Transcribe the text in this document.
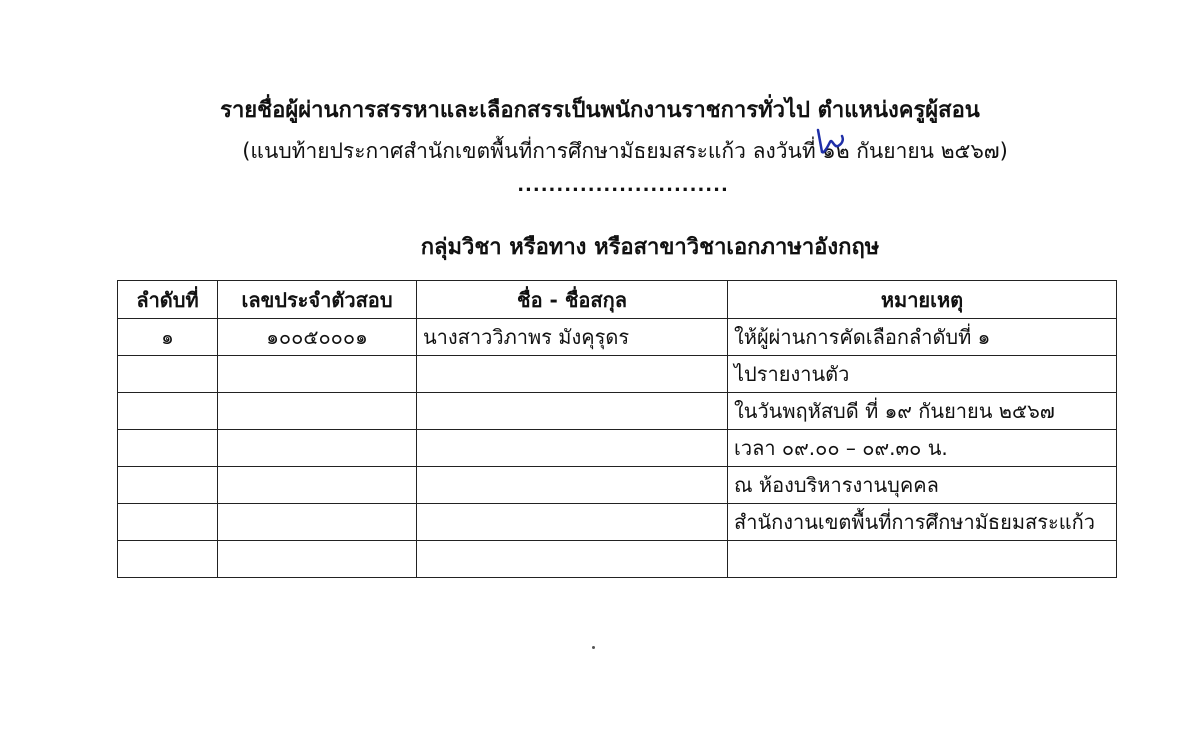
รายชื่อผู้ผ่านการสรรหาและเลือกสรรเป็นพนักงานราชการทั่วไป ตำแหน่งครูผู้สอน
(แนบท้ายประกาศสำนักเขตพื้นที่การศึกษามัธยมสระแก้ว ลงวันที่ ๑๒ กันยายน ๒๕๖๗)
...........................
กลุ่มวิชา หรือทาง หรือสาขาวิชาเอกภาษาอังกฤษ
ลำดับที่	เลขประจำตัวสอบ	ชื่อ - ชื่อสกุล	หมายเหตุ
๑	๑๐๐๕๐๐๐๑	นางสาววิภาพร มังคุรุดร	ให้ผู้ผ่านการคัดเลือกลำดับที่ ๑
			ไปรายงานตัว
			ในวันพฤหัสบดี ที่ ๑๙ กันยายน ๒๕๖๗
			เวลา ๐๙.๐๐ – ๐๙.๓๐ น.
			ณ ห้องบริหารงานบุคคล
			สำนักงานเขตพื้นที่การศึกษามัธยมสระแก้ว
